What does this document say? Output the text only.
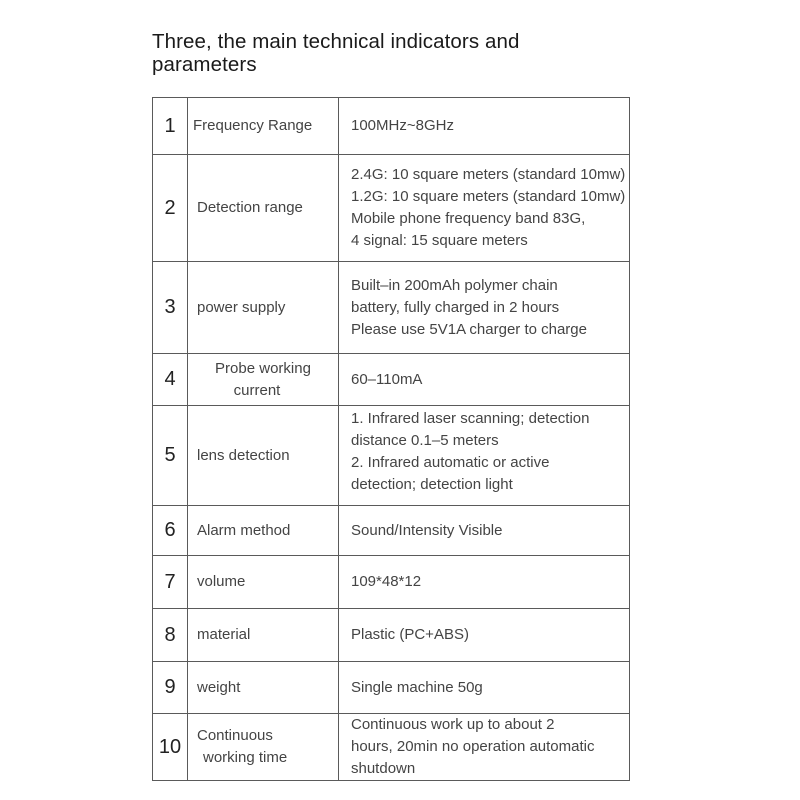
Three, the main technical indicators and parameters
1	Frequency Range	100MHz~8GHz

2	Detection range	2.4G: 10 square meters (standard 10mw)
1.2G: 10 square meters (standard 10mw)
Mobile phone frequency band 83G,
4 signal: 15 square meters

3	power supply	Built–in 200mAh polymer chain
battery, fully charged in 2 hours
Please use 5V1A charger to charge

4	Probe working
current	60–110mA

5	lens detection	1. Infrared laser scanning; detection
distance 0.1–5 meters
2. Infrared automatic or active
detection; detection light

6	Alarm method	Sound/Intensity Visible

7	volume	109*48*12

8	material	Plastic (PC+ABS)

9	weight	Single machine 50g

10	Continuous
working time	Continuous work up to about 2
hours, 20min no operation automatic
shutdown
